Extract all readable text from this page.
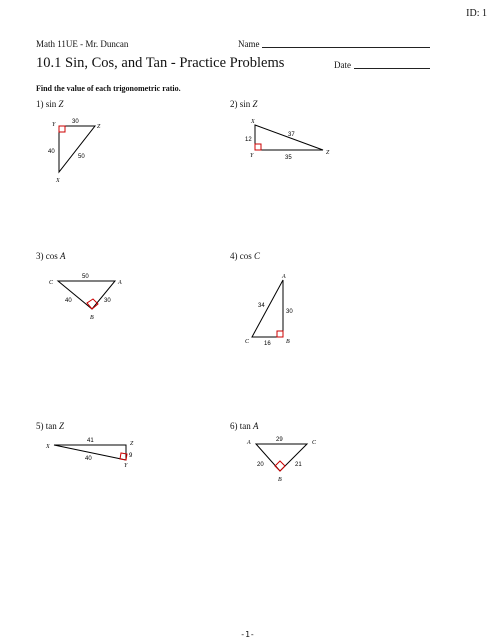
ID: 1
Math 11UE - Mr. Duncan	Name
10.1 Sin, Cos, and Tan - Practice Problems	Date
Find the value of each trigonometric ratio.
1) sin Z	2) sin Z
3) cos A	4) cos C
5) tan Z	6) tan A
Y	Z
X
30
40
50
X
Y	Z
12
37
35
C	A
B
50
40	30
A
C	B
34
30
16
X	Z
Y
41
9
40
A	C
B
29
20	21
-1-
